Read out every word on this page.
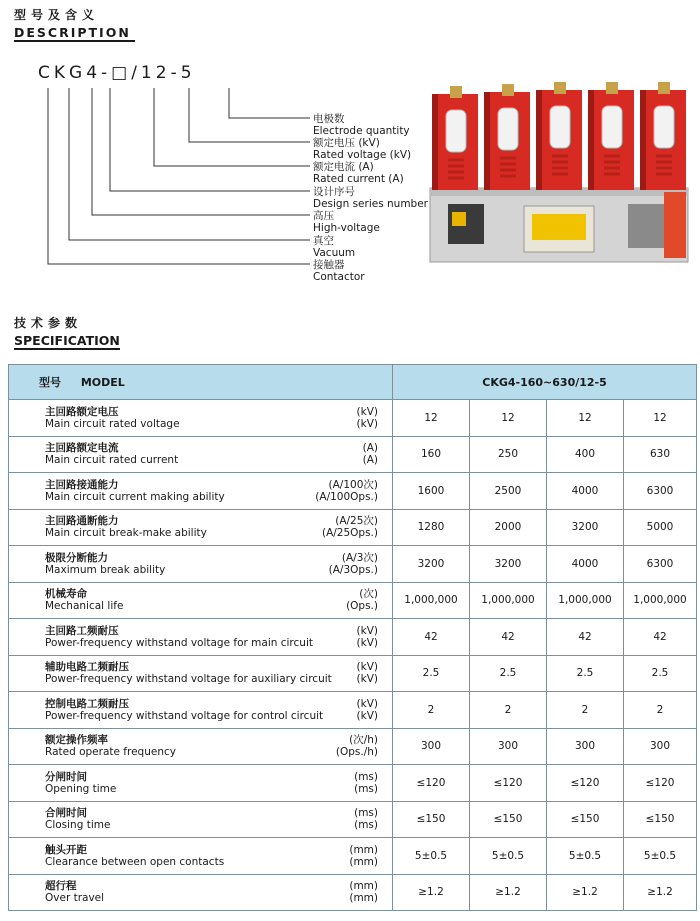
型号及含义
DESCRIPTION
CKG4-□/12-5
电极数
Electrode quantity
额定电压 (kV)
Rated voltage (kV)
额定电流 (A)
Rated current (A)
设计序号
Design series number
高压
High-voltage
真空
Vacuum
接触器
Contactor
技术参数
SPECIFICATION
型号 MODEL	CKG4-160~630/12-5			

主回路额定电压
Main circuit rated voltage
(kV)
(kV)	12	12	12	12

主回路额定电流
Main circuit rated current
(A)
(A)	160	250	400	630

主回路接通能力
Main circuit current making ability
(A/100次)
(A/100Ops.)	1600	2500	4000	6300

主回路通断能力
Main circuit break-make ability
(A/25次)
(A/25Ops.)	1280	2000	3200	5000

极限分断能力
Maximum break ability
(A/3次)
(A/3Ops.)	3200	3200	4000	6300

机械寿命
Mechanical life
(次)
(Ops.)	1,000,000	1,000,000	1,000,000	1,000,000

主回路工频耐压
Power-frequency withstand voltage for main circuit
(kV)
(kV)	42	42	42	42

辅助电路工频耐压
Power-frequency withstand voltage for auxiliary circuit
(kV)
(kV)	2.5	2.5	2.5	2.5

控制电路工频耐压
Power-frequency withstand voltage for control circuit
(kV)
(kV)	2	2	2	2

额定操作频率
Rated operate frequency
(次/h)
(Ops./h)	300	300	300	300

分闸时间
Opening time
(ms)
(ms)	≤120	≤120	≤120	≤120

合闸时间
Closing time
(ms)
(ms)	≤150	≤150	≤150	≤150

触头开距
Clearance between open contacts
(mm)
(mm)	5±0.5	5±0.5	5±0.5	5±0.5

超行程
Over travel
(mm)
(mm)	≥1.2	≥1.2	≥1.2	≥1.2
